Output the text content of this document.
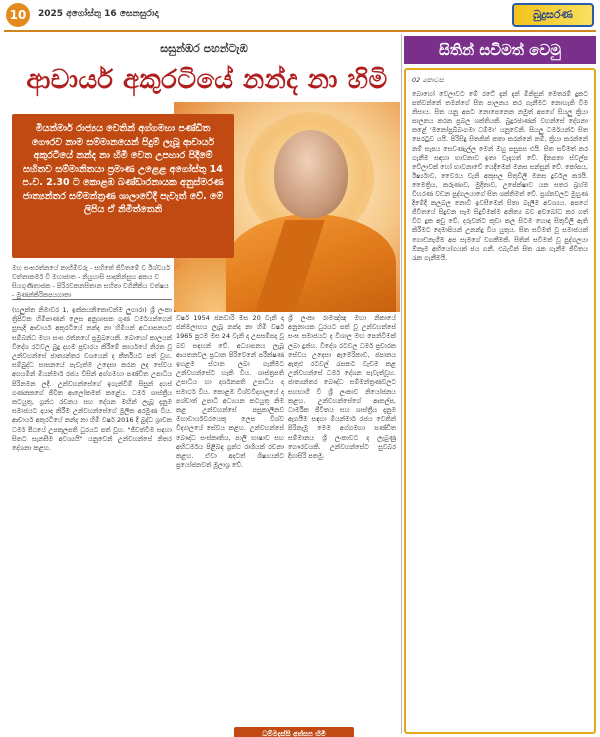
10	2025 අගෝස්තු 16 සෙනසුරාදා	බුදුසරණ
සසුන්ඹර පහන්ටැඹ
ආචාර්ය අකුරටියේ නන්ද නා හිමි

මියන්මාර් රාජ්‍යය වෙතින් අග්ගමහා පණ්ඩිත ගෞරව නාම සම්මානයෙන් පිදුම් ලැබූ ආචාර්ය අකුරටියේ නන්ද නා හිමි වෙත උපහාර පිදීමේ සහිතව සම්මානිතයා ප්‍රමාණ උළෙළ අගෝස්තු 14 ප.ව. 2.30 ට කොළඹ බණ්ඩාරනායක අනුස්මරණ ජාත්‍යන්තර සම්මන්ත්‍රණ ශාලාවේදී පැවැත් වේ. මේ ලිපිය ඒ නිමිත්තෙනි

මහ සංඝරත්නයේ නාහිමිවරු - සහිතේ ජිවිතමේ ව ඊශ්වර්ය වත්තාකර්ම වි මහාජාත - නියුහාසි සාදකින්සුහ අකය ව සියගුණිතාජක - පිරිරවකනසිතාන සහිතා වගිනීකිය වත්ෂය - මුණන්කිරිකපයගාතා
(හලුක්ත නිමාවර 1, ඉක්කයනිකොවන්ම ලුහාරා) ශ්‍රී ලංකා ත්‍රිපිටක හිමිපාණන් ලෙස අනුශාසක ගුණ ධර්මයන්ගෙන් සුසැදි ආචාර්ය අකුරටියේ නන්ද නා හිමියන් අධ්‍යාපනයට සම්බන්ධ මහා සංඝ රත්නයේ ප්‍රමුඛයෙකි. බොහෝ කාලයක් විදේශ රටවල බුදු දහම ප්‍රචාරය කිරීමේ කාර්යයේ නිරත වූ උන්වහන්සේ ජාත්‍යන්තර වශයෙන් ද කීර්තියට පත් වූහ. සම්බුද්ධ සාසනයේ පැවැත්ම උදෙසා කරන ලද සේවය අගයමින් මියන්මාර් රජය විසින් අග්ගමහා පණ්ඩිත උපාධිය පිරිනමන ලදී. උන්වහන්සේගේ ඉගැන්වීම් සිසුන් දහස් ගණනකගේ ජීවිත ආලෝකමත් කළේය. ධර්ම ශාස්ත්‍රීය කටයුතු, ග්‍රන්ථ රචනය සහ දේශන මඟින් ලැබූ දැනුම සමාජයට දායාද කිරීම උන්වහන්සේගේ මූලික අරමුණ විය. ආචාර්ය අකුරටියේ නන්ද නා හිමි වර්ෂ 2016 දී බුද්ධ ශ්‍රාවක ධර්ම පීඨයේ උපකුලපති ධුරයට පත් වූහ. "ජීවත්වීම සඳහා සිතට සැනසීම අවශ්‍යයි" යනුවෙන් උන්වහන්සේ නිතර දේශනා කළහ.
වර්ෂ 1954 ජනවාරි මස 20 වැනි දා ජන්මලාභය ලැබූ නන්ද නා හිමි වර්ෂ 1965 ප්‍රථම මස 24 වැනි දා උපසම්පදා වූ බව සඳහන් වේ. අධ්‍යාපනය ලැබූ ආයතනවල ප්‍රධාන පිරිවෙනේ පරීක්ෂණ ඉහළම ස්ථාන ලබා ගැනීමට උන්වහන්සේට හැකි විය. ශාස්ත්‍රපති උපාධිය හා දර්ශනපති උපාධිය ද සමාර්ථ විය. කොළඹ විශ්වවිද්‍යාලයේ ද පශ්චාත් උපාධි අධ්‍යයන කටයුතු නිම කළ උන්වහන්සේ පසුකාලීනව මහාචාර්යවරයෙකු ලෙස විශ්ව විද්‍යාලයේ සේවය කළහ. උන්වහන්සේ බෞද්ධ සංස්කෘතිය, පාලි භාෂාව සහ අභිධර්මය පිළිබඳ ග්‍රන්ථ රාශියක් රචනා කළහ. ඒවා අදටත් ශිෂ්‍යයන්ට ප්‍රයෝජනවත් මූලාශ්‍ර වේ.
ශ්‍රී ලංකා රාමඤ්ඤ මහා නිකායේ අනුනායක ධුරයට පත් වූ උන්වහන්සේ සංඝ සමාජයට ද විශාල මඟ පෙන්වීමක් ලබා දුන්හ. විදේශ රටවල ධර්ම ප්‍රචාරක සේවය උදෙසා ඇමෙරිකාව, ජපානය ඇතුළු රටවල් රැසකට වැඩම කළ උන්වහන්සේ ධර්ම දේශන පැවැත්වූහ. ජාත්‍යන්තර බෞද්ධ සම්මන්ත්‍රණවලට සහභාගී වී ශ්‍රී ලංකාව නියෝජනය කළහ. උන්වහන්සේගේ ආකල්ප, ධාර්මික ජීවිතය සහ ශාස්ත්‍රීය දැනුම ඇගයීම සඳහා මියන්මාර් රජය වෙතින් පිරිනැමූ මෙම අග්ගමහා පණ්ඩිත සම්මානය ශ්‍රී ලංකාවට ද ලැබුණු ගෞරවයකි. උන්වහන්සේට සුවබර දිගාසිරි පතමු.
ධම්මදස්සි අත්සප හිමි
සිතින් සවිමත් වෙමු
02 කොටස
බොහෝ වෙලාවට මේ රටේ දැන් දැන් මිනිසුන් මෙතරම් දුකට පත්වන්නේ තමන්ගේ සිත පාලනය කර ගැනීමට නොහැකි වීම නිසාය. සිත යනු අපට නොපෙනෙන නමුත් අපගේ සියලු ක්‍රියා පාලනය කරන ප්‍රබල ශක්තියකි. බුදුරජාණන් වහන්සේ දේශනා කළේ 'මනෝපුබ්බංගමා ධම්මා' යනුවෙනි. සියලු ධර්මයන්ට සිත පෙරටුව යයි. පිරිසිදු සිතකින් කතා කරන්නේ නම්, ක්‍රියා කරන්නේ නම් සැපය සෙවණැල්ල මෙන් ඔහු පසුපස එයි. සිත සවිමත් කර ගැනීම සඳහා භාවනාව ඉතා වැදගත් වේ. දිනපතා ස්වල්ප වේලාවක් හෝ භාවනාවේ යෙදීමෙන් මනස සන්සුන් වේ. කෝපය, ඊර්ෂ්‍යාව, වෛරය වැනි අකුසල සිතුවිලි මනස දුර්වල කරයි. මෛත්‍රිය, කරුණාව, මුදිතාව, උපේක්ෂාව යන සතර බ්‍රහ්ම විහරණ වඩන පුද්ගලයාගේ සිත ශක්තිමත් වේ. ප්‍රශ්නවලට මුහුණ දීමේදී කලබල නොවී ඉවසීමෙන් සිතා බැලීම අවශ්‍යය. අපගේ ජීවිතයේ සිදුවන සෑම සිදුවීමක්ම අනිත්‍ය බව අවබෝධ කර ගත් විට දුක අඩු වේ. දරුවන්ට කුඩා කල සිටම හොඳ සිතුවිලි ඇති කිරීමට දෙමාපියන් උනන්දු විය යුතුය. සිත සවිමත් වූ සමාජයක් ගොඩනැගීම අප සැමගේ වගකීමකි. සිතින් සවිමත් වූ පුද්ගලයා ඕනෑම අභියෝගයක් ජය ගනී. එබැවින් සිත රැක ගැනීම ජීවිතය රැක ගැනීමයි.
